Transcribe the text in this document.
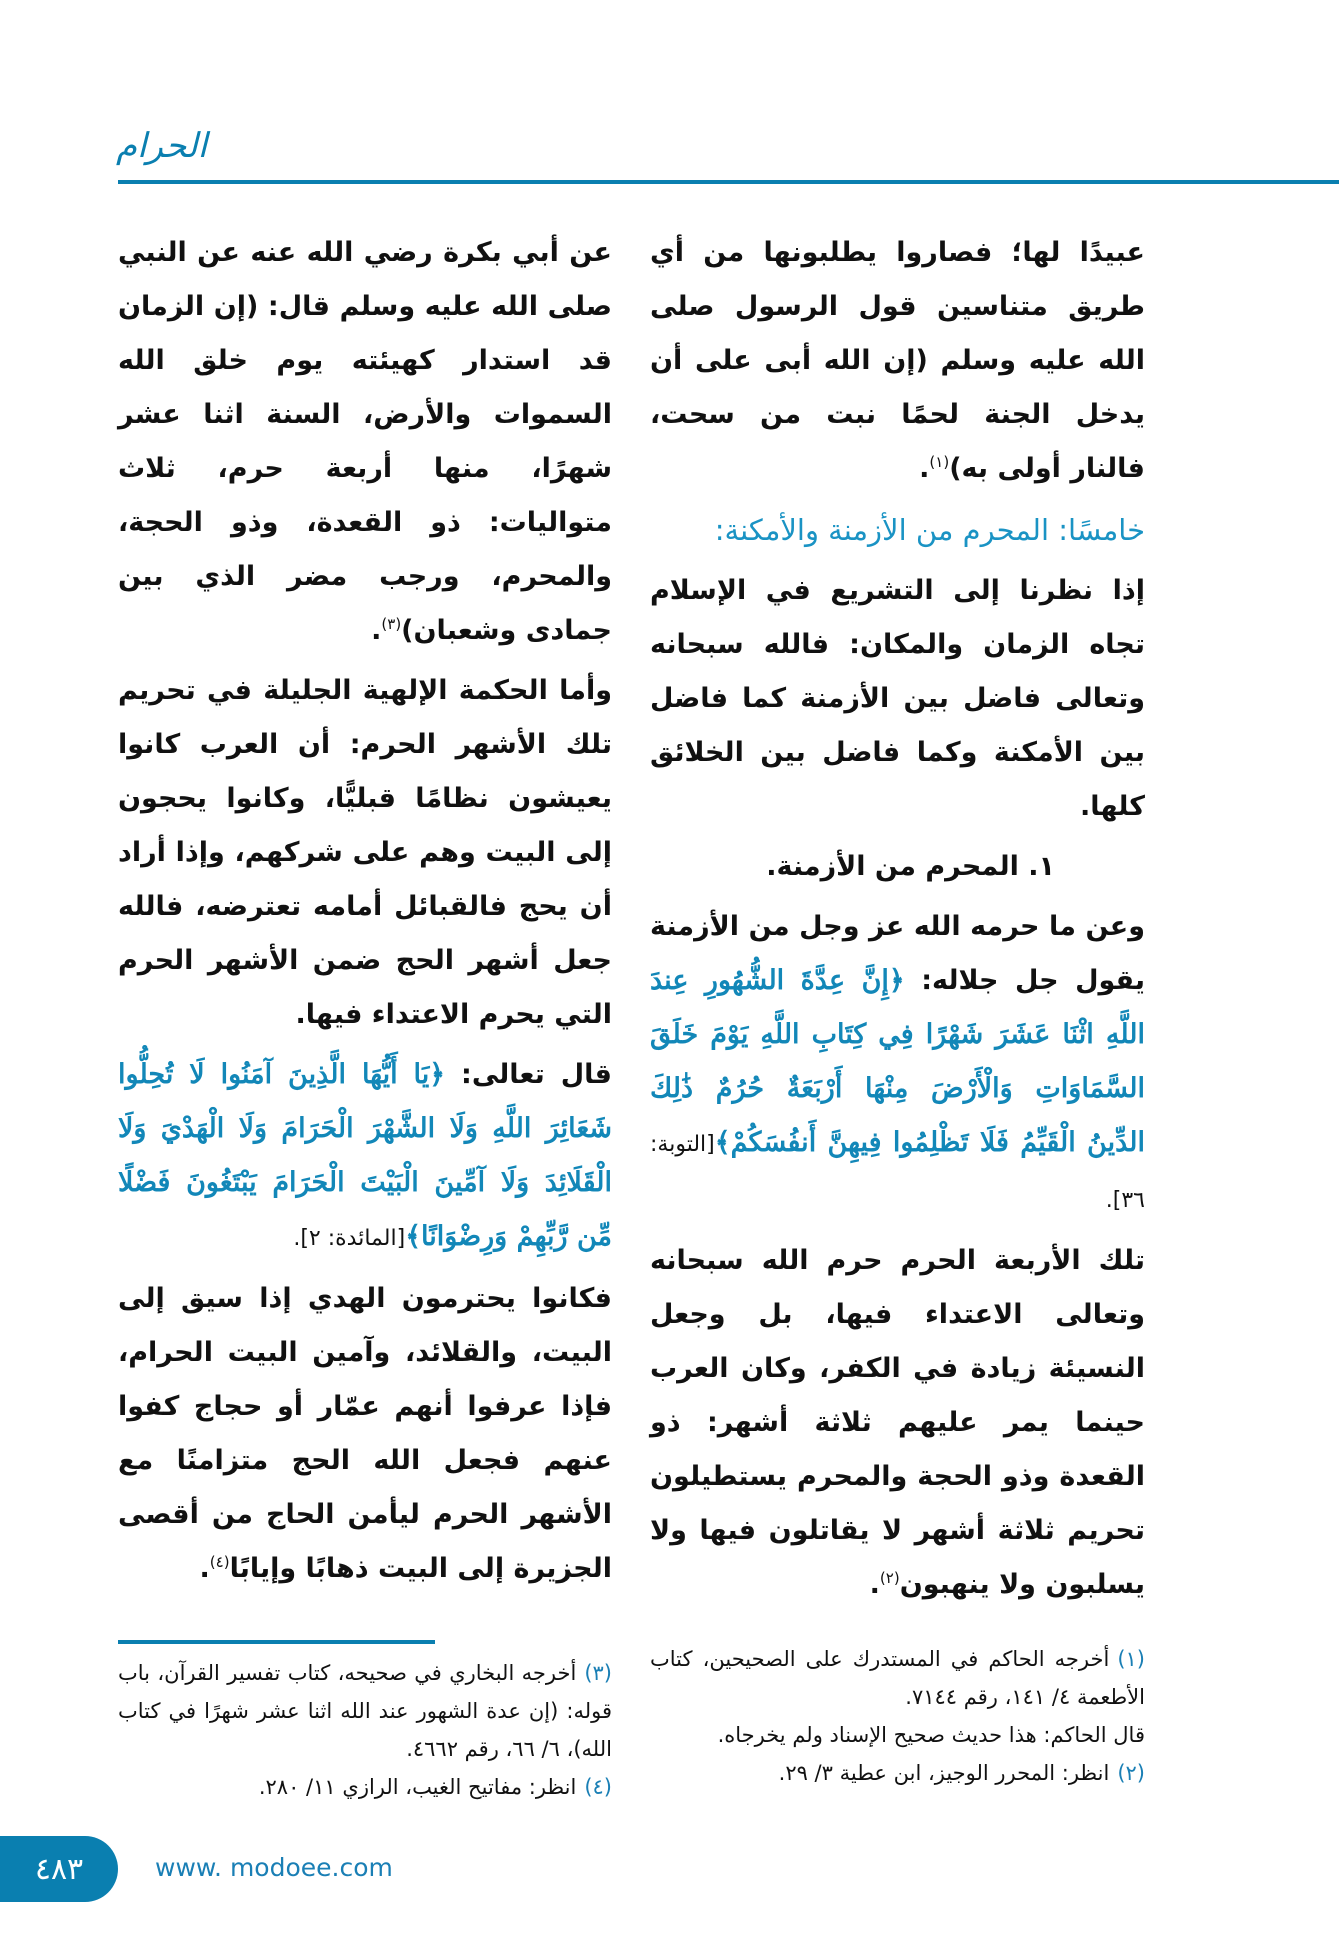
الحرام

عبيدًا لها؛ فصاروا يطلبونها من أي طريق متناسين قول الرسول صلى الله عليه وسلم (إن الله أبى على أن يدخل الجنة لحمًا نبت من سحت، فالنار أولى به)$^{(١)}$.

خامسًا: المحرم من الأزمنة والأمكنة:

إذا نظرنا إلى التشريع في الإسلام تجاه الزمان والمكان: فالله سبحانه وتعالى فاضل بين الأزمنة كما فاضل بين الأمكنة وكما فاضل بين الخلائق كلها.

١. المحرم من الأزمنة.

وعن ما حرمه الله عز وجل من الأزمنة يقول جل جلاله: ﴿إِنَّ عِدَّةَ الشُّهُورِ عِندَ اللَّهِ اثْنَا عَشَرَ شَهْرًا فِي كِتَابِ اللَّهِ يَوْمَ خَلَقَ السَّمَاوَاتِ وَالْأَرْضَ مِنْهَا أَرْبَعَةٌ حُرُمٌ ذَٰلِكَ الدِّينُ الْقَيِّمُ فَلَا تَظْلِمُوا فِيهِنَّ أَنفُسَكُمْ﴾[التوبة: ٣٦].

تلك الأربعة الحرم حرم الله سبحانه وتعالى الاعتداء فيها، بل وجعل النسيئة زيادة في الكفر، وكان العرب حينما يمر عليهم ثلاثة أشهر: ذو القعدة وذو الحجة والمحرم يستطيلون تحريم ثلاثة أشهر لا يقاتلون فيها ولا يسلبون ولا ينهبون$^{(٢)}$.

عن أبي بكرة رضي الله عنه عن النبي صلى الله عليه وسلم قال: (إن الزمان قد استدار كهيئته يوم خلق الله السموات والأرض، السنة اثنا عشر شهرًا، منها أربعة حرم، ثلاث متواليات: ذو القعدة، وذو الحجة، والمحرم، ورجب مضر الذي بين جمادى وشعبان)$^{(٣)}$.

وأما الحكمة الإلهية الجليلة في تحريم تلك الأشهر الحرم: أن العرب كانوا يعيشون نظامًا قبليًّا، وكانوا يحجون إلى البيت وهم على شركهم، وإذا أراد أن يحج فالقبائل أمامه تعترضه، فالله جعل أشهر الحج ضمن الأشهر الحرم التي يحرم الاعتداء فيها.

قال تعالى: ﴿يَا أَيُّهَا الَّذِينَ آمَنُوا لَا تُحِلُّوا شَعَائِرَ اللَّهِ وَلَا الشَّهْرَ الْحَرَامَ وَلَا الْهَدْيَ وَلَا الْقَلَائِدَ وَلَا آمِّينَ الْبَيْتَ الْحَرَامَ يَبْتَغُونَ فَضْلًا مِّن رَّبِّهِمْ وَرِضْوَانًا﴾[المائدة: ٢].

فكانوا يحترمون الهدي إذا سيق إلى البيت، والقلائد، وآمين البيت الحرام، فإذا عرفوا أنهم عمّار أو حجاج كفوا عنهم فجعل الله الحج متزامنًا مع الأشهر الحرم ليأمن الحاج من أقصى الجزيرة إلى البيت ذهابًا وإيابًا$^{(٤)}$.

(١)أخرجه الحاكم في المستدرك على الصحيحين، كتاب الأطعمة ٤/ ١٤١، رقم ٧١٤٤.
قال الحاكم: هذا حديث صحيح الإسناد ولم يخرجاه.
(٢)انظر: المحرر الوجيز، ابن عطية ٣/ ٢٩.
(٣)أخرجه البخاري في صحيحه، كتاب تفسير القرآن، باب قوله: (إن عدة الشهور عند الله اثنا عشر شهرًا في كتاب الله)، ٦/ ٦٦، رقم ٤٦٦٢.
(٤)انظر: مفاتيح الغيب، الرازي ١١/ ٢٨٠.
٤٨٣	www. modoee.com
